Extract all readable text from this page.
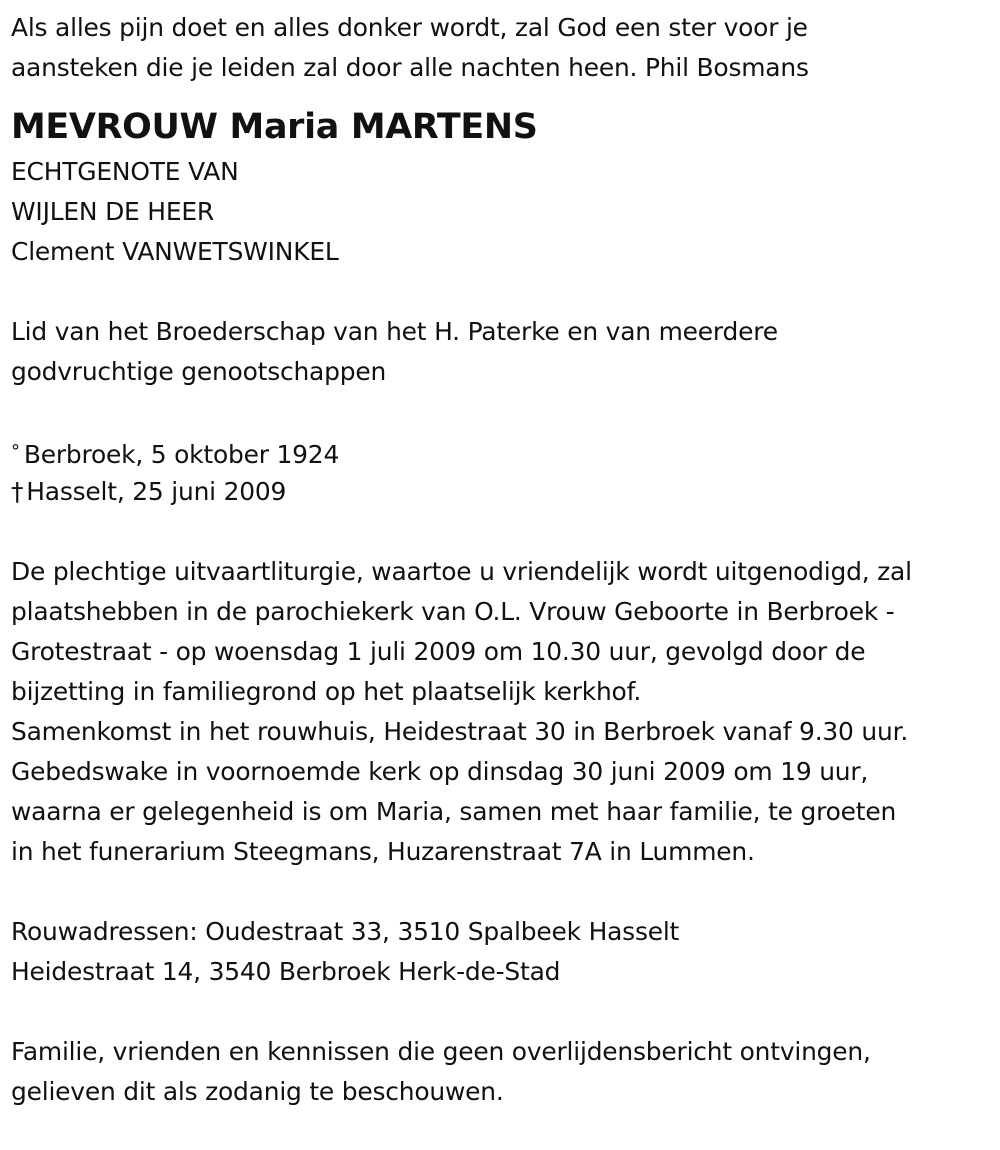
Als alles pijn doet en alles donker wordt, zal God een ster voor je
aansteken die je leiden zal door alle nachten heen. Phil Bosmans
MEVROUW Maria MARTENS
ECHTGENOTE VAN
WIJLEN DE HEER
Clement VANWETSWINKEL
Lid van het Broederschap van het H. Paterke en van meerdere
godvruchtige genootschappen
° Berbroek, 5 oktober 1924
† Hasselt, 25 juni 2009
De plechtige uitvaartliturgie, waartoe u vriendelijk wordt uitgenodigd, zal
plaatshebben in de parochiekerk van O.L. Vrouw Geboorte in Berbroek -
Grotestraat - op woensdag 1 juli 2009 om 10.30 uur, gevolgd door de
bijzetting in familiegrond op het plaatselijk kerkhof.
Samenkomst in het rouwhuis, Heidestraat 30 in Berbroek vanaf 9.30 uur.
Gebedswake in voornoemde kerk op dinsdag 30 juni 2009 om 19 uur,
waarna er gelegenheid is om Maria, samen met haar familie, te groeten
in het funerarium Steegmans, Huzarenstraat 7A in Lummen.
Rouwadressen: Oudestraat 33, 3510 Spalbeek Hasselt
Heidestraat 14, 3540 Berbroek Herk-de-Stad
Familie, vrienden en kennissen die geen overlijdensbericht ontvingen,
gelieven dit als zodanig te beschouwen.
